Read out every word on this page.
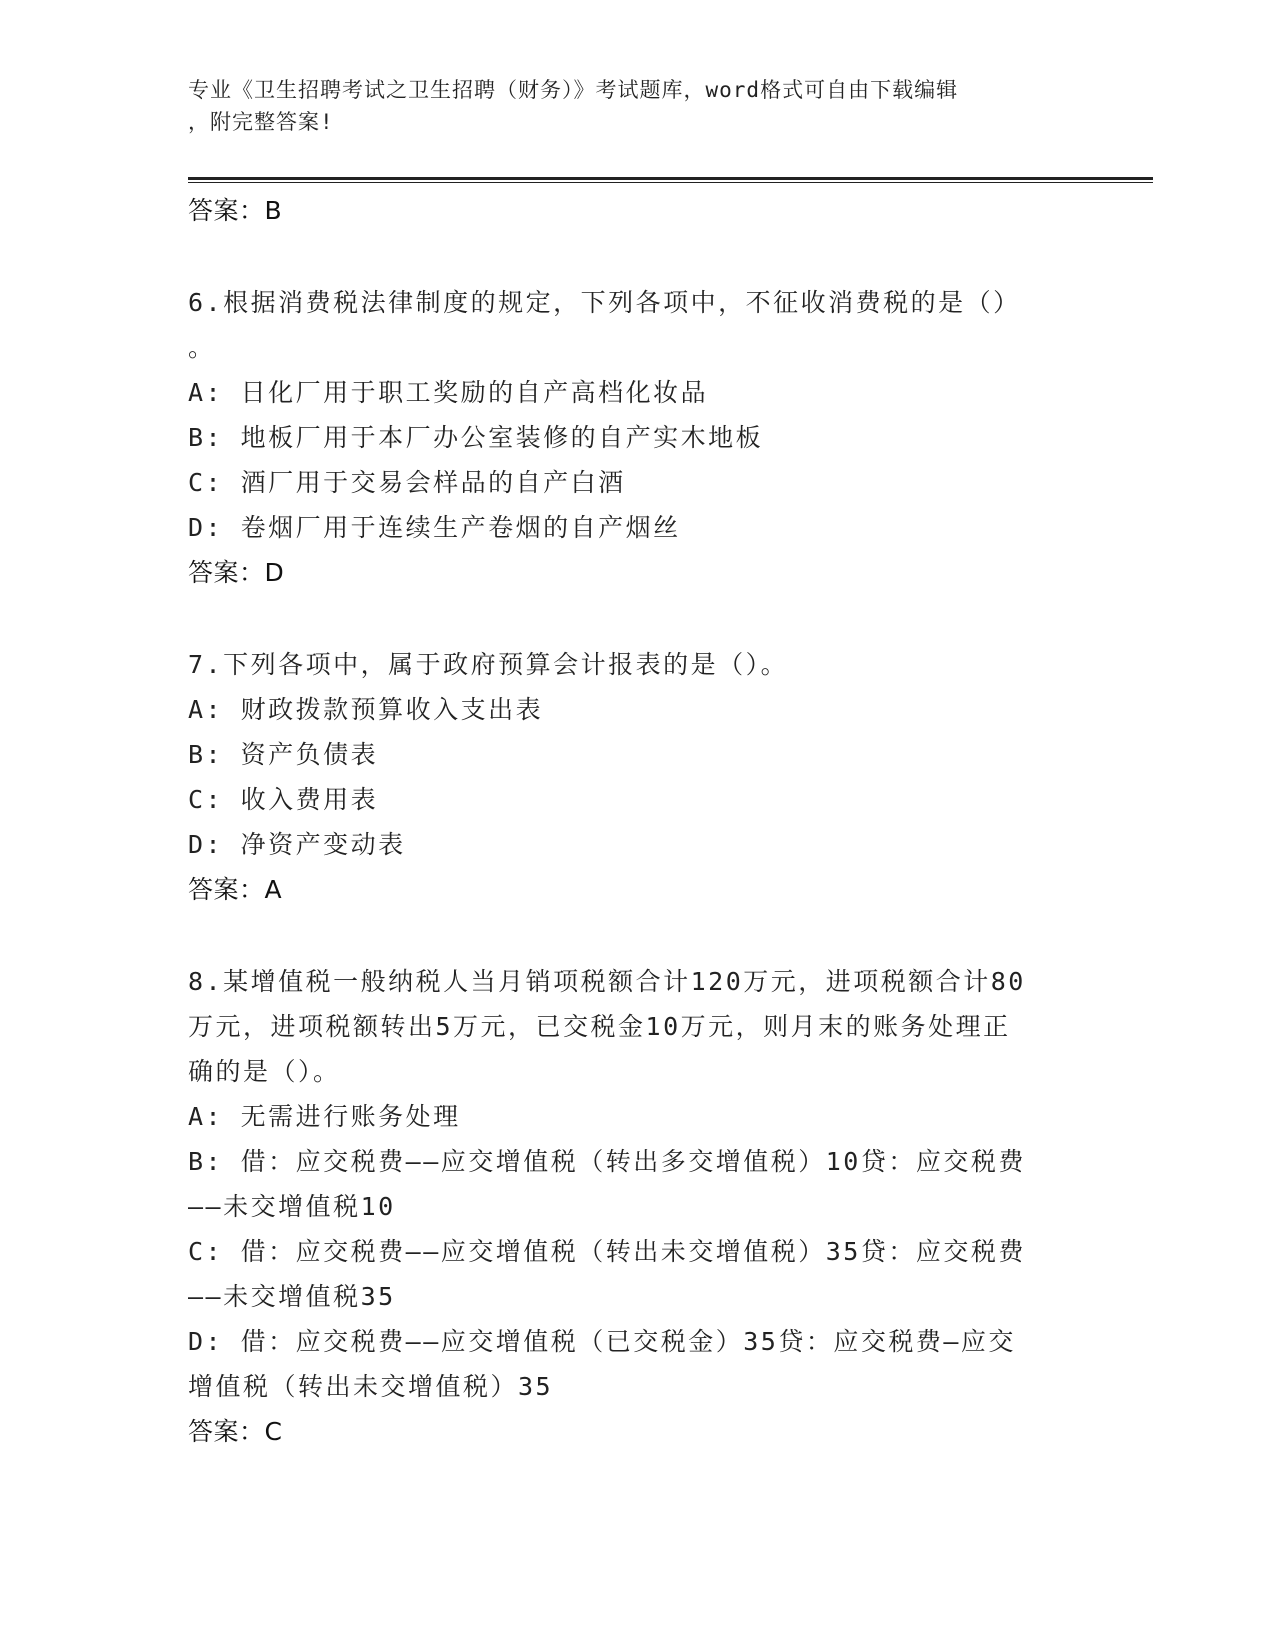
专业《卫生招聘考试之卫生招聘（财务）》考试题库，word格式可自由下载编辑
，附完整答案!
答案：B
6.根据消费税法律制度的规定，下列各项中，不征收消费税的是（）
。
A: 日化厂用于职工奖励的自产高档化妆品
B: 地板厂用于本厂办公室装修的自产实木地板
C: 酒厂用于交易会样品的自产白酒
D: 卷烟厂用于连续生产卷烟的自产烟丝
答案：D
7.下列各项中，属于政府预算会计报表的是（）。
A: 财政拨款预算收入支出表
B: 资产负债表
C: 收入费用表
D: 净资产变动表
答案：A
8.某增值税一般纳税人当月销项税额合计120万元，进项税额合计80
万元，进项税额转出5万元，已交税金10万元，则月末的账务处理正
确的是（）。
A: 无需进行账务处理
B: 借：应交税费——应交增值税（转出多交增值税）10贷：应交税费
——未交增值税10
C: 借：应交税费——应交增值税（转出未交增值税）35贷：应交税费
——未交增值税35
D: 借：应交税费——应交增值税（已交税金）35贷：应交税费—应交
增值税（转出未交增值税）35
答案：C
